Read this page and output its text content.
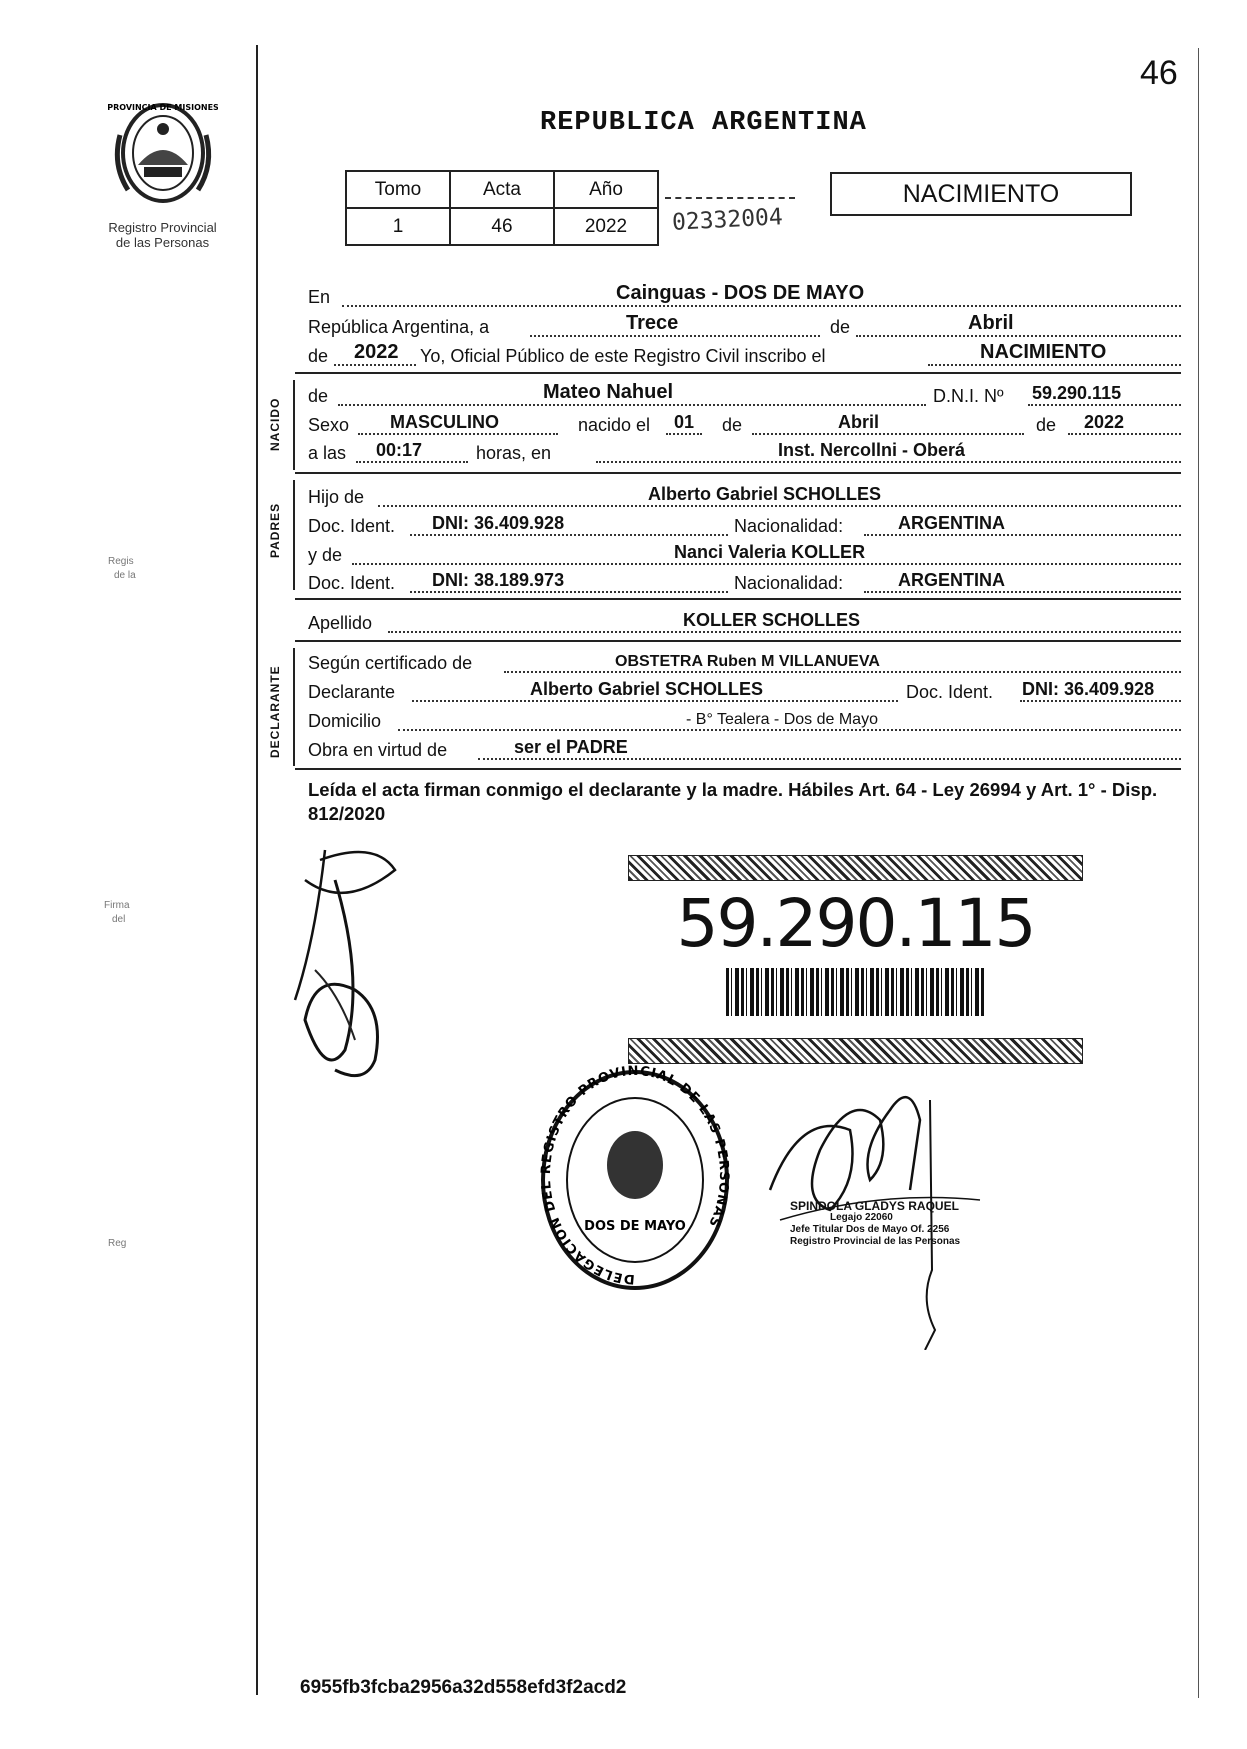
46
PROVINCIA DE MISIONES
Registro Provincial
de las Personas
REPUBLICA ARGENTINA
Tomo	Acta	Año
1	46	2022 02332004
NACIMIENTO
En	Cainguas - DOS DE MAYO
República Argentina, a	Trece	de	Abril
de 2022 Yo, Oficial Público de este Registro Civil inscribo el	NACIMIENTO
NACIDO
de	Mateo Nahuel	D.N.I. Nº 59.290.115
Sexo MASCULINO	nacido el 01 de	Abril	de 2022
a las 00:17	horas, en	Inst. Nercollni - Oberá
PADRES
Hijo de	Alberto Gabriel SCHOLLES
Doc. Ident. DNI: 36.409.928	Nacionalidad:	ARGENTINA
y de	Nanci Valeria KOLLER
Doc. Ident. DNI: 38.189.973	Nacionalidad:	ARGENTINA
Apellido	KOLLER SCHOLLES
DECLARANTE
Según certificado de	OBSTETRA Ruben M VILLANUEVA
Declarante	Alberto Gabriel SCHOLLES	Doc. Ident. DNI: 36.409.928
Domicilio	- B° Tealera - Dos de Mayo
Obra en virtud de	ser el PADRE
Leída el acta firman conmigo el declarante y la madre. Hábiles Art. 64 - Ley 26994 y Art. 1° - Disp. 812/2020
59.290.115
DELEGACION DEL REGISTRO PROVINCIAL DE LAS PERSONAS
DOS DE MAYO
SPINDOLA GLADYS RAQUEL
Legajo 22060
Jefe Titular Dos de Mayo Of. 2256
Registro Provincial de las Personas
Regis
de la
Firma
del
Reg
6955fb3fcba2956a32d558efd3f2acd2
